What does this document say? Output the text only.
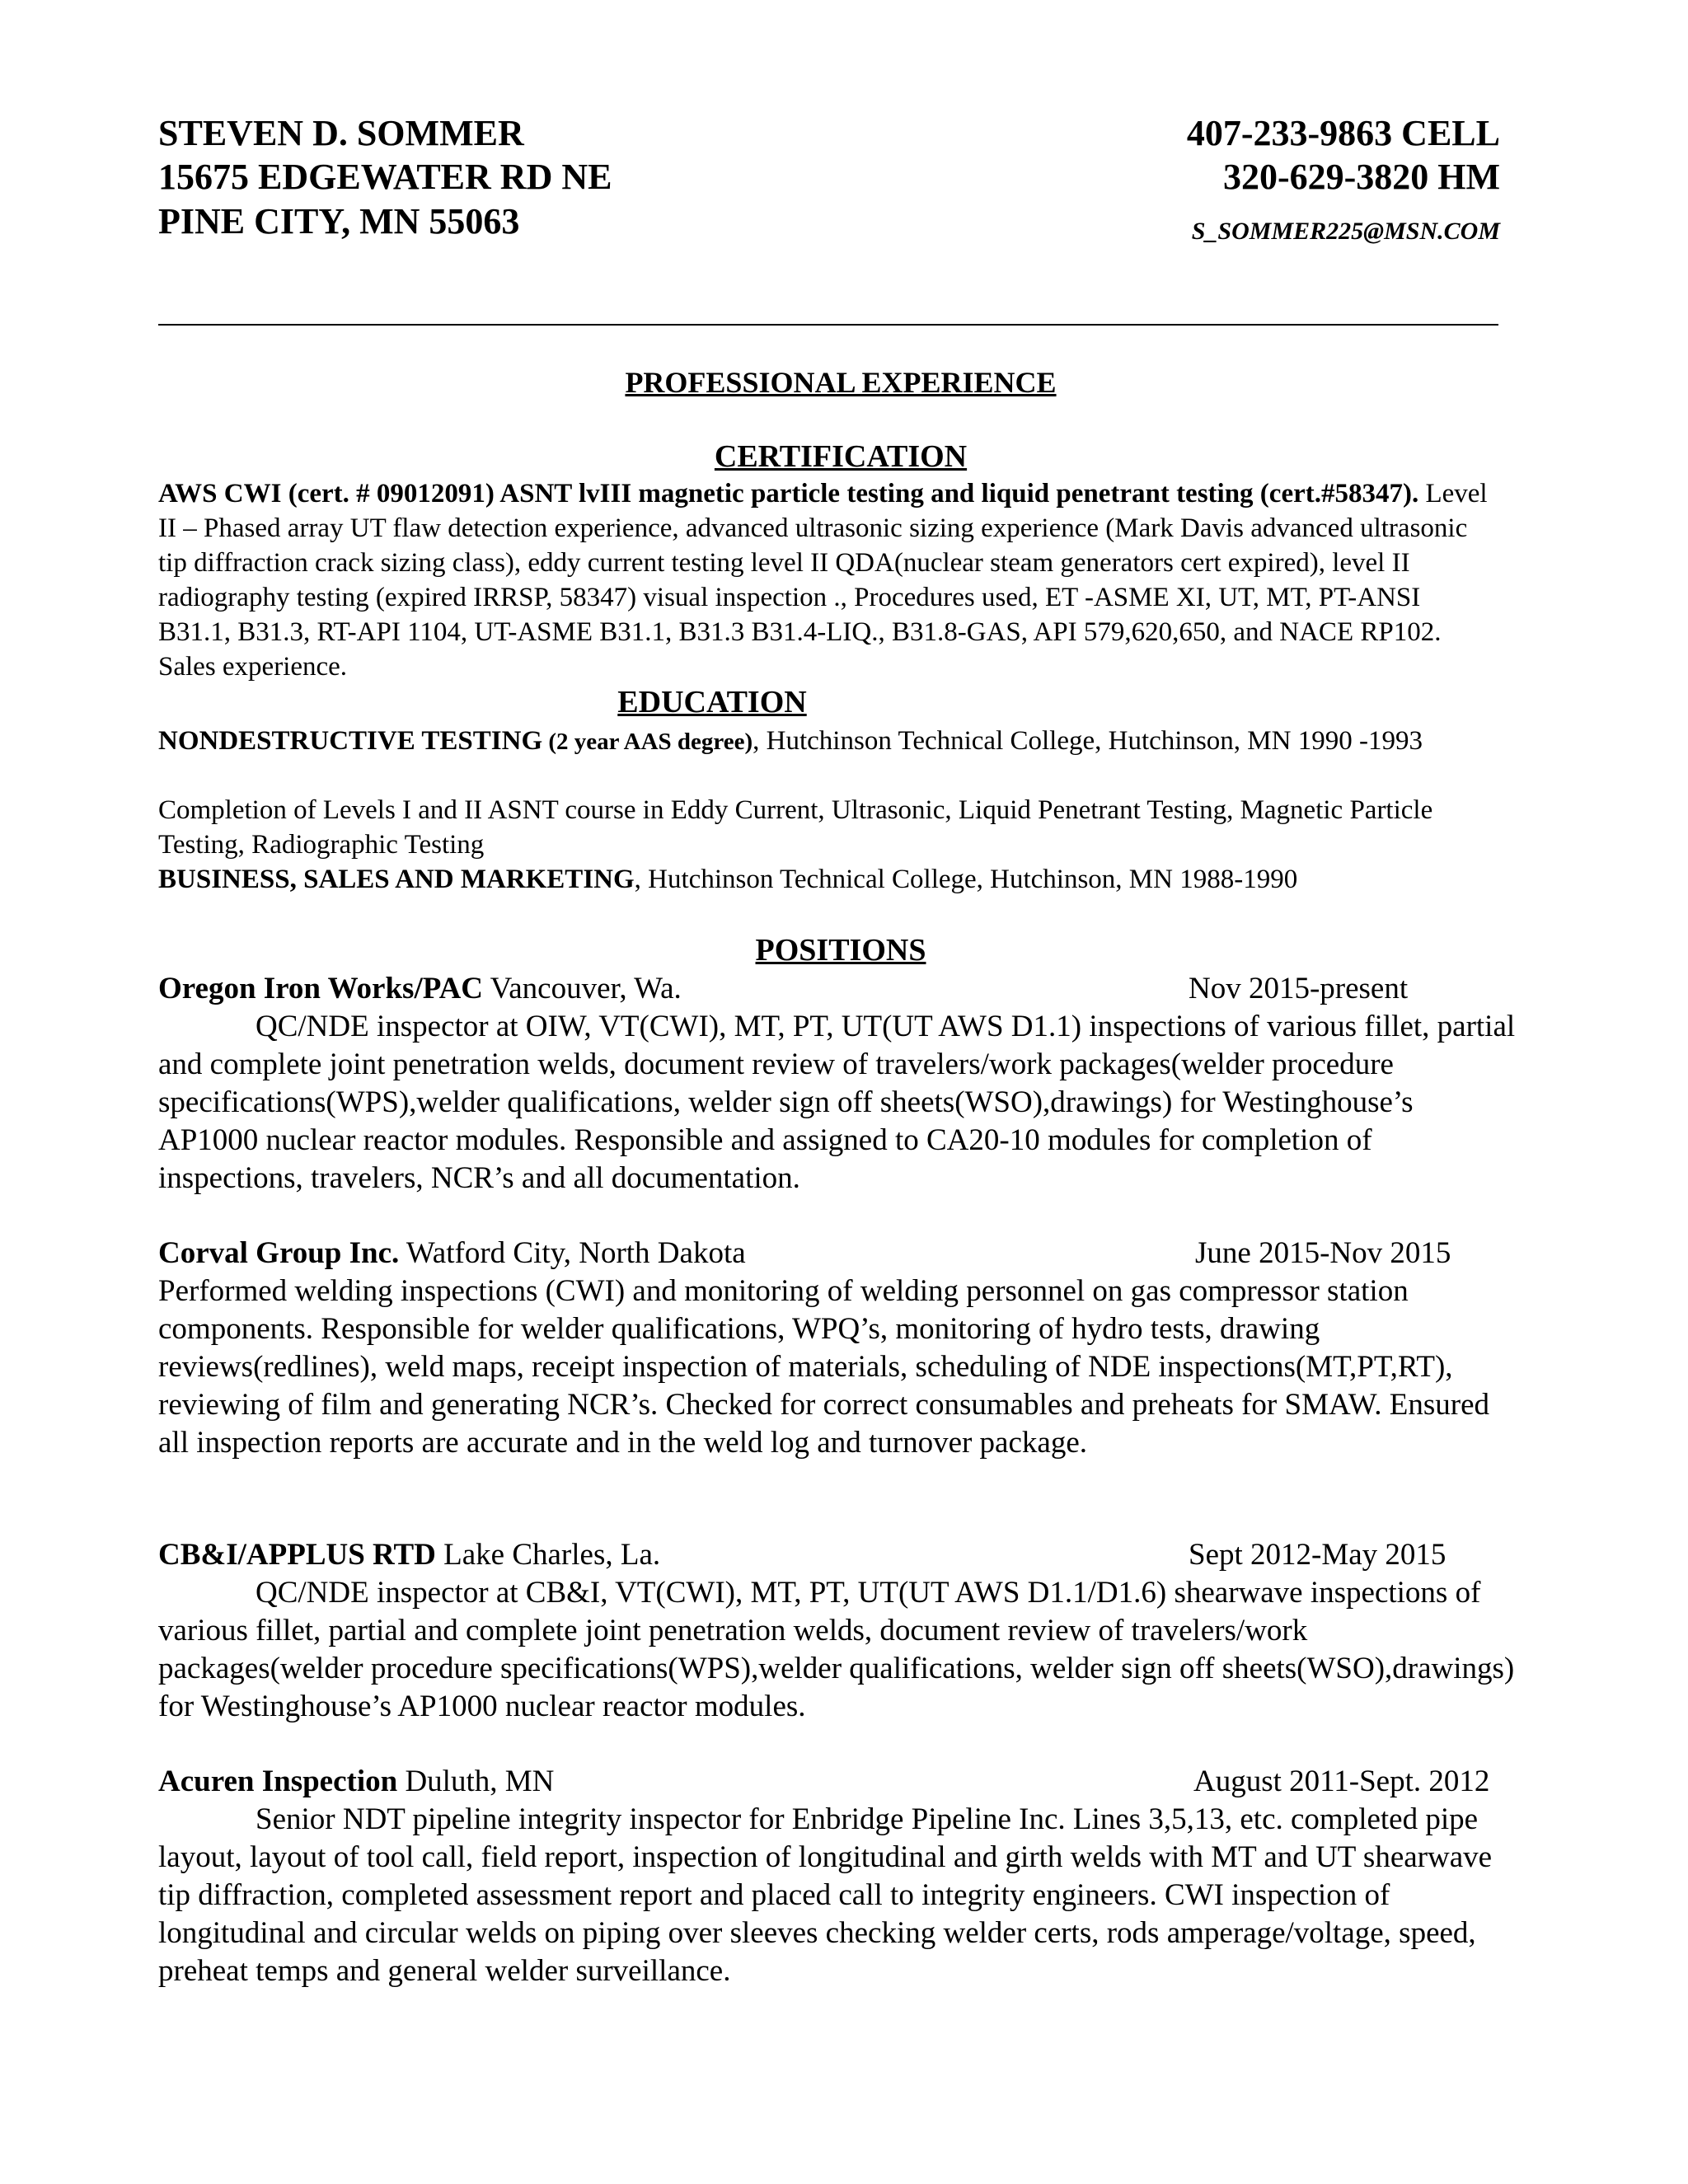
STEVEN D. SOMMER
15675 EDGEWATER RD NE
PINE CITY, MN 55063
407-233-9863 CELL
320-629-3820 HM
S_SOMMER225@MSN.COM
PROFESSIONAL EXPERIENCE
CERTIFICATION
AWS CWI (cert. # 09012091) ASNT lvIII magnetic particle testing and liquid penetrant testing (cert.#58347). Level II – Phased array UT flaw detection experience, advanced ultrasonic sizing experience (Mark Davis advanced ultrasonic tip diffraction crack sizing class), eddy current testing level II QDA(nuclear steam generators cert expired), level II radiography testing (expired IRRSP, 58347) visual inspection ., Procedures used, ET -ASME XI, UT, MT, PT-ANSI B31.1, B31.3, RT-API 1104, UT-ASME B31.1, B31.3 B31.4-LIQ., B31.8-GAS, API 579,620,650, and NACE RP102. Sales experience.
EDUCATION
NONDESTRUCTIVE TESTING (2 year AAS degree), Hutchinson Technical College, Hutchinson, MN 1990 -1993
Completion of Levels I and II ASNT course in Eddy Current, Ultrasonic, Liquid Penetrant Testing, Magnetic Particle Testing, Radiographic Testing
BUSINESS, SALES AND MARKETING, Hutchinson Technical College, Hutchinson, MN 1988-1990
POSITIONS
Oregon Iron Works/PAC Vancouver, Wa.	Nov 2015-present
QC/NDE inspector at OIW, VT(CWI), MT, PT, UT(UT AWS D1.1) inspections of various fillet, partial and complete joint penetration welds, document review of travelers/work packages(welder procedure specifications(WPS),welder qualifications, welder sign off sheets(WSO),drawings) for Westinghouse’s AP1000 nuclear reactor modules. Responsible and assigned to CA20-10 modules for completion of inspections, travelers, NCR’s and all documentation.
Corval Group Inc. Watford City, North Dakota	June 2015-Nov 2015
Performed welding inspections (CWI) and monitoring of welding personnel on gas compressor station components. Responsible for welder qualifications, WPQ’s, monitoring of hydro tests, drawing reviews(redlines), weld maps, receipt inspection of materials, scheduling of NDE inspections(MT,PT,RT), reviewing of film and generating NCR’s. Checked for correct consumables and preheats for SMAW. Ensured all inspection reports are accurate and in the weld log and turnover package.
CB&I/APPLUS RTD Lake Charles, La.	Sept 2012-May 2015
QC/NDE inspector at CB&I, VT(CWI), MT, PT, UT(UT AWS D1.1/D1.6) shearwave inspections of various fillet, partial and complete joint penetration welds, document review of travelers/work packages(welder procedure specifications(WPS),welder qualifications, welder sign off sheets(WSO),drawings) for Westinghouse’s AP1000 nuclear reactor modules.
Acuren Inspection Duluth, MN	August 2011-Sept. 2012
Senior NDT pipeline integrity inspector for Enbridge Pipeline Inc. Lines 3,5,13, etc. completed pipe layout, layout of tool call, field report, inspection of longitudinal and girth welds with MT and UT shearwave tip diffraction, completed assessment report and placed call to integrity engineers. CWI inspection of longitudinal and circular welds on piping over sleeves checking welder certs, rods amperage/voltage, speed, preheat temps and general welder surveillance.
